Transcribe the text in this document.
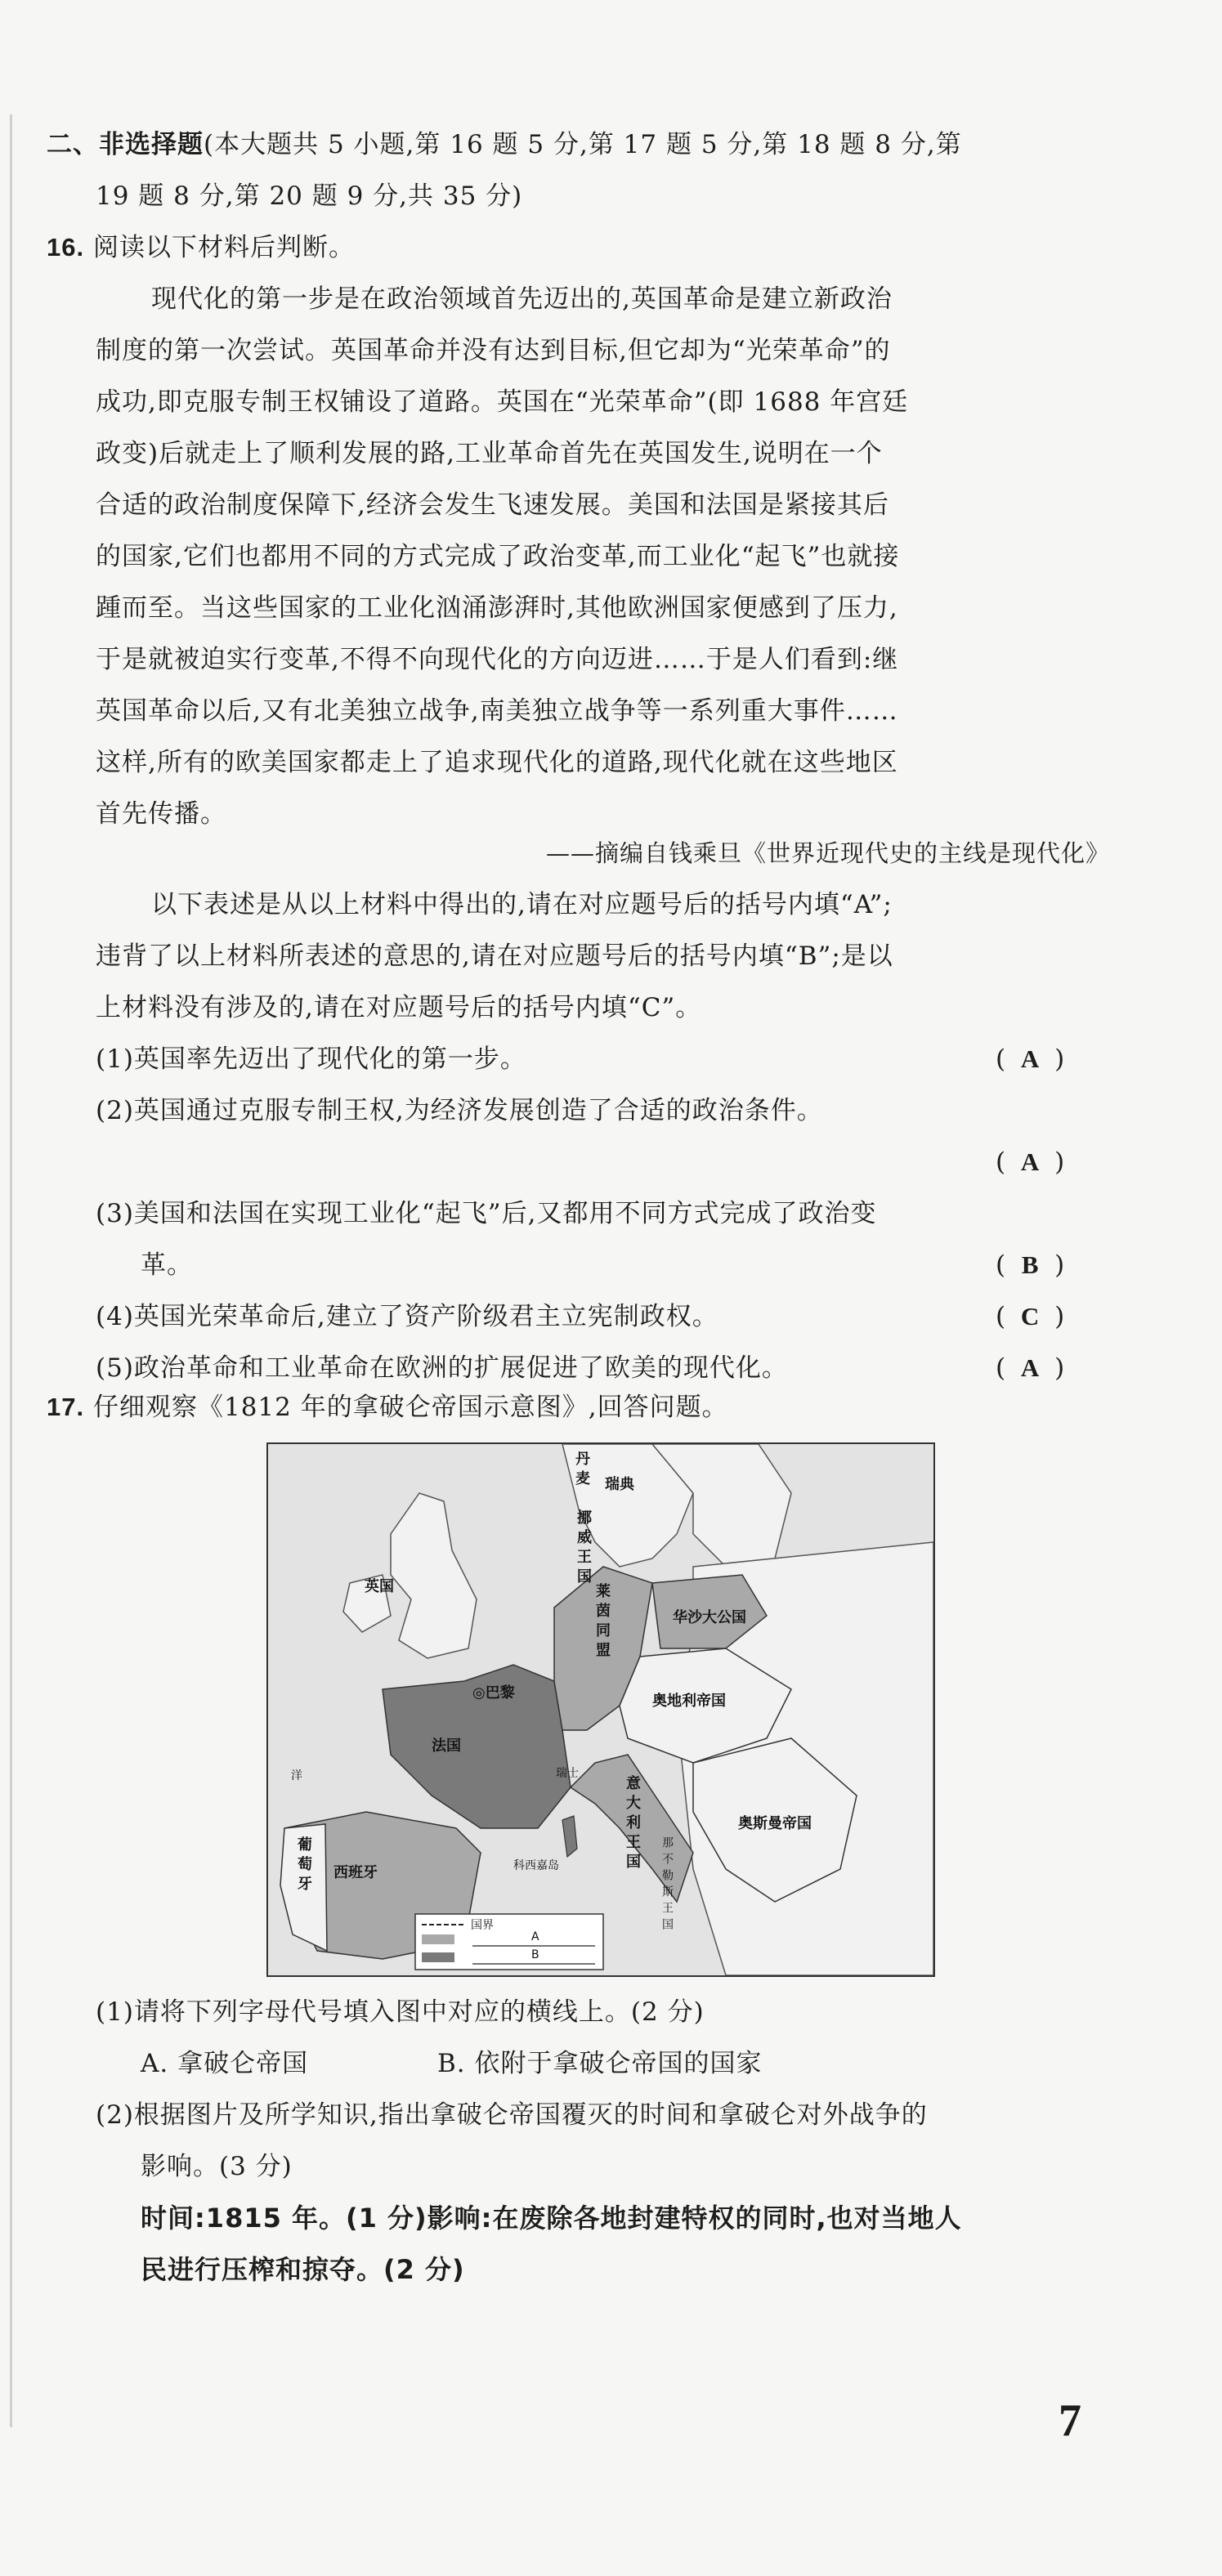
二、非选择题(本大题共 5 小题,第 16 题 5 分,第 17 题 5 分,第 18 题 8 分,第
19 题 8 分,第 20 题 9 分,共 35 分)
16. 阅读以下材料后判断。
现代化的第一步是在政治领域首先迈出的,英国革命是建立新政治
制度的第一次尝试。英国革命并没有达到目标,但它却为“光荣革命”的
成功,即克服专制王权铺设了道路。英国在“光荣革命”(即 1688 年宫廷
政变)后就走上了顺利发展的路,工业革命首先在英国发生,说明在一个
合适的政治制度保障下,经济会发生飞速发展。美国和法国是紧接其后
的国家,它们也都用不同的方式完成了政治变革,而工业化“起飞”也就接
踵而至。当这些国家的工业化汹涌澎湃时,其他欧洲国家便感到了压力,
于是就被迫实行变革,不得不向现代化的方向迈进……于是人们看到:继
英国革命以后,又有北美独立战争,南美独立战争等一系列重大事件……
这样,所有的欧美国家都走上了追求现代化的道路,现代化就在这些地区
首先传播。
——摘编自钱乘旦《世界近现代史的主线是现代化》
以下表述是从以上材料中得出的,请在对应题号后的括号内填“A”;
违背了以上材料所表述的意思的,请在对应题号后的括号内填“B”;是以
上材料没有涉及的,请在对应题号后的括号内填“C”。
(1)英国率先迈出了现代化的第一步。	( A )
(2)英国通过克服专制王权,为经济发展创造了合适的政治条件。
( A )
(3)美国和法国在实现工业化“起飞”后,又都用不同方式完成了政治变
革。	( B )
(4)英国光荣革命后,建立了资产阶级君主立宪制政权。	( C )
(5)政治革命和工业革命在欧洲的扩展促进了欧美的现代化。	( A )
17. 仔细观察《1812 年的拿破仑帝国示意图》,回答问题。
丹麦 瑞典
挪威王国
英国
华沙大公国
莱茵同盟
◎巴黎
法国
奥地利帝国
瑞士
意大利王国	奥斯曼帝国
葡萄牙 西班牙	科西嘉岛	那不勒斯王国
洋
国界
A
B
(1)请将下列字母代号填入图中对应的横线上。(2 分)
A. 拿破仑帝国	B. 依附于拿破仑帝国的国家
(2)根据图片及所学知识,指出拿破仑帝国覆灭的时间和拿破仑对外战争的
影响。(3 分)
时间:1815 年。(1 分)影响:在废除各地封建特权的同时,也对当地人
民进行压榨和掠夺。(2 分)
7
